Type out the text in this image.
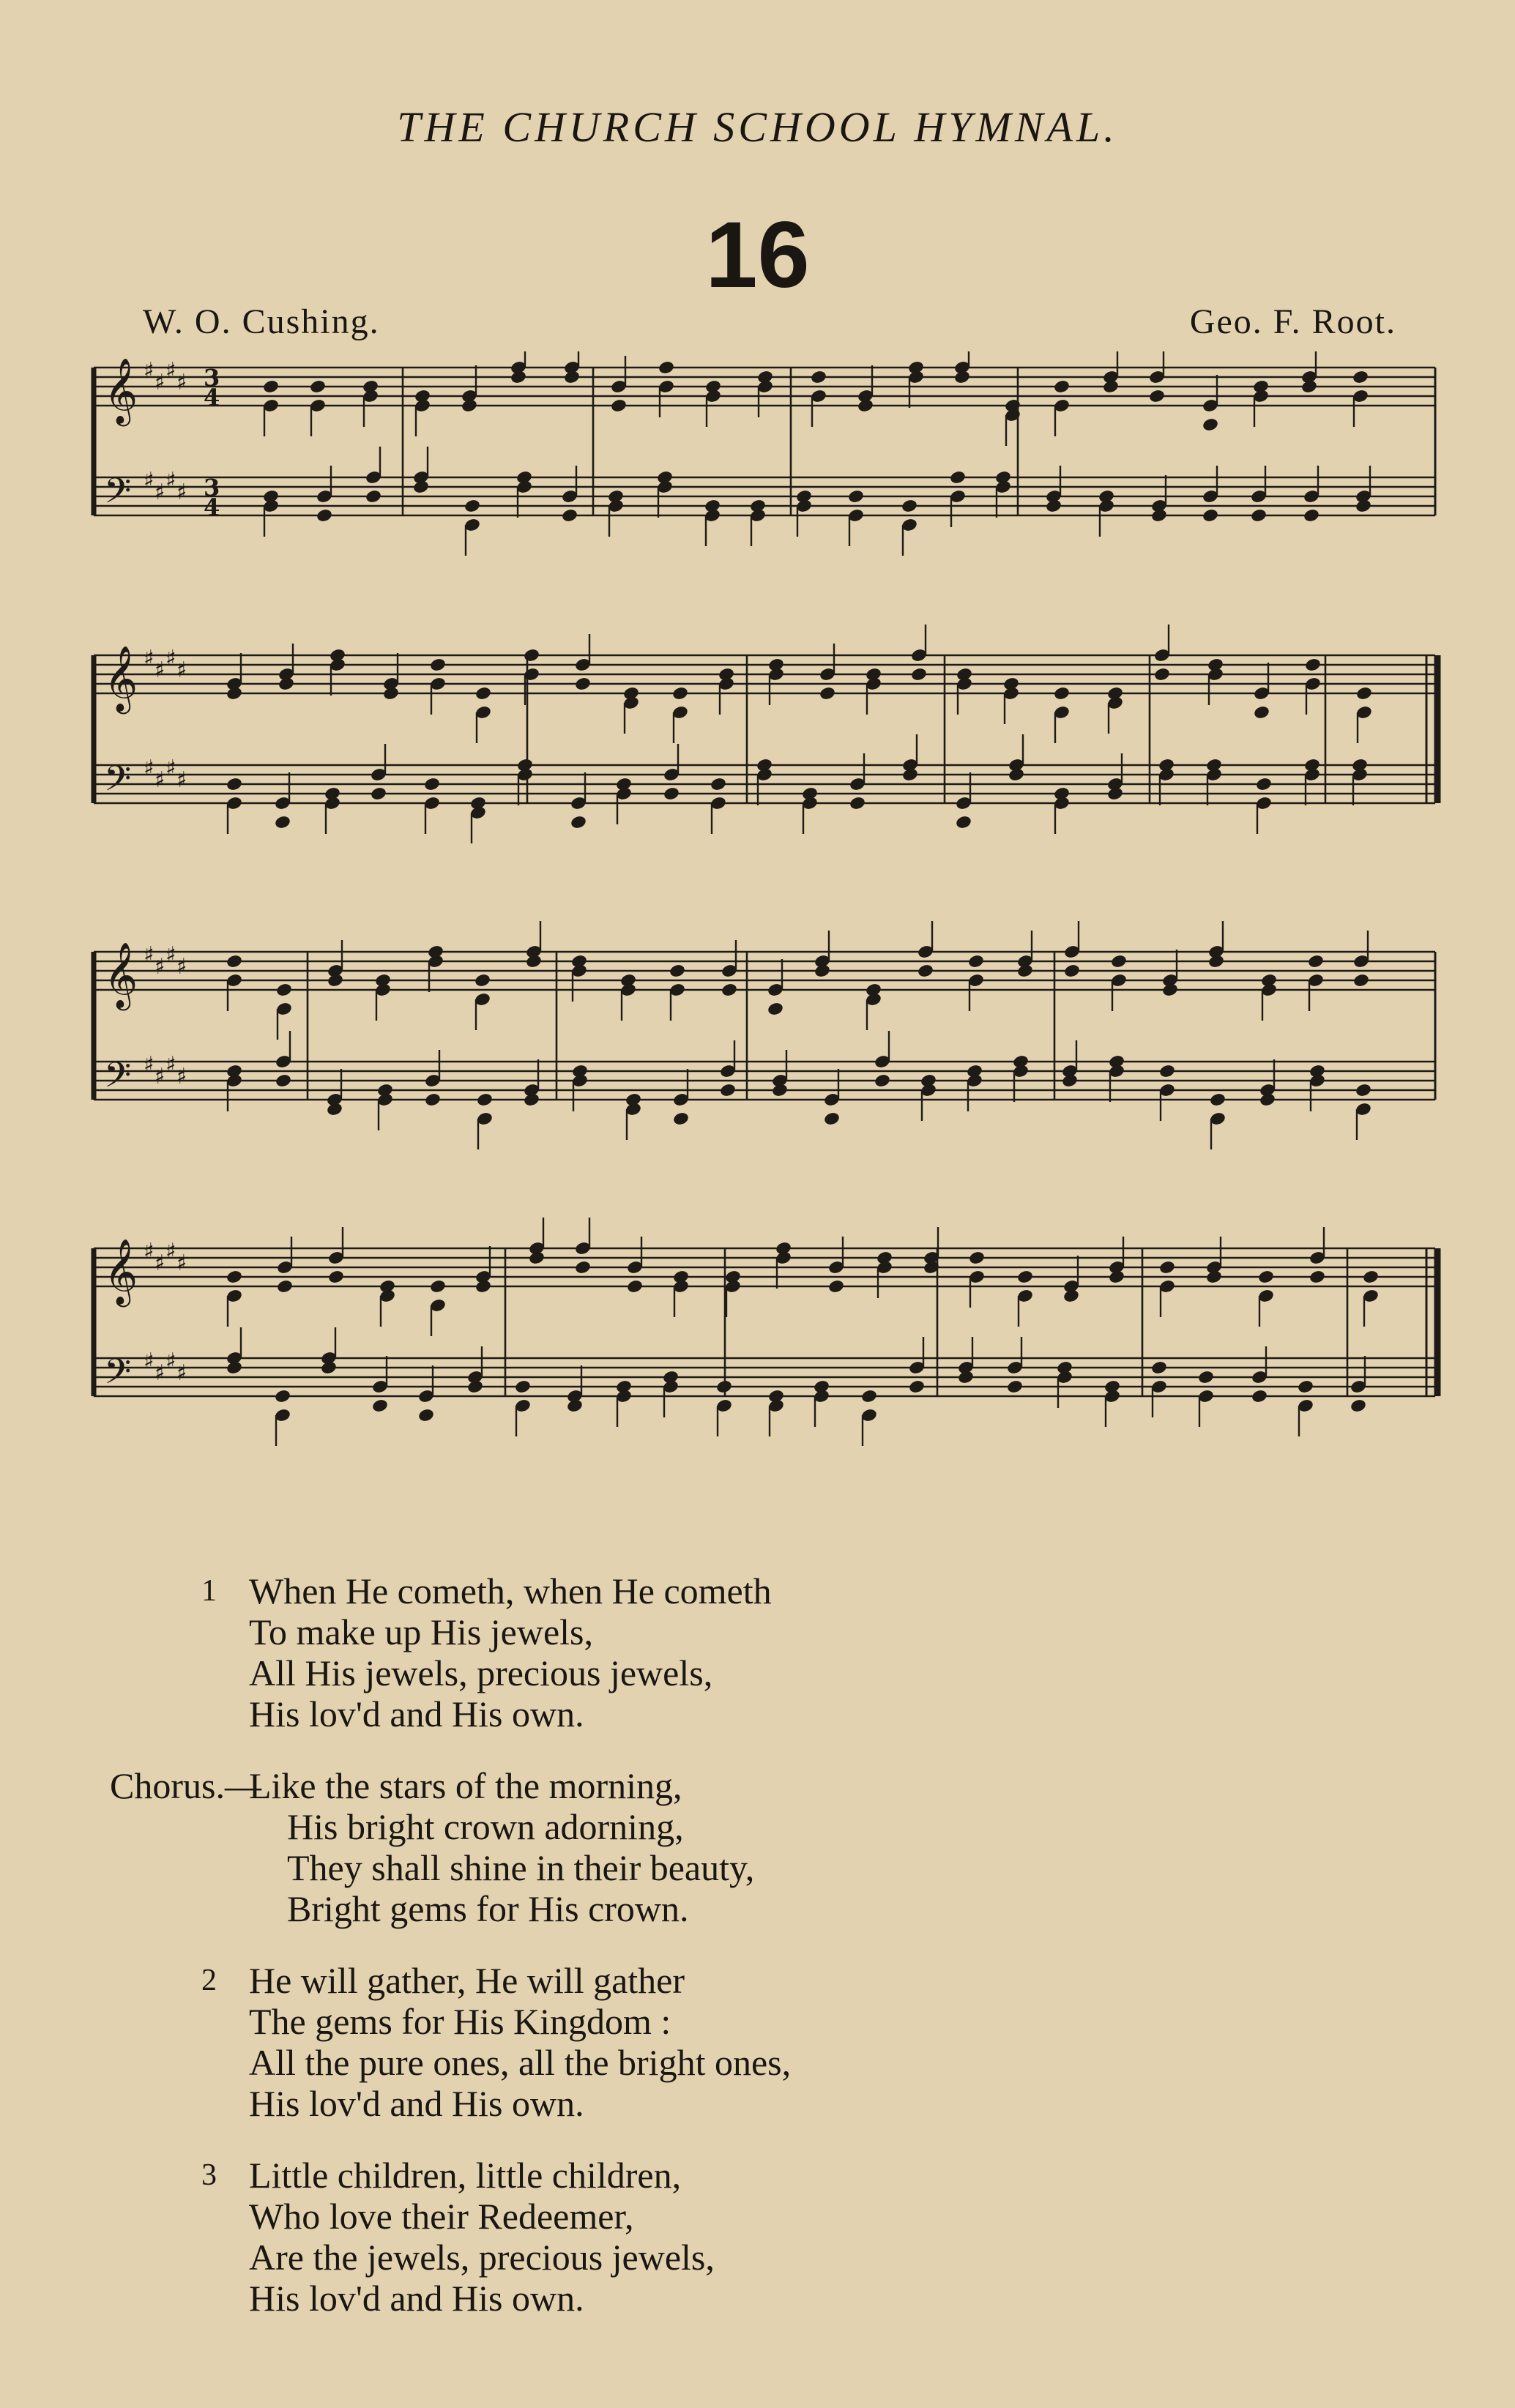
THE CHURCH SCHOOL HYMNAL.
16
W. O. Cushing.	Geo. F. Root.
𝄞 ♯ ♯ ♯ ♯ 3
4
𝄢 ♯ ♯ ♯ ♯ 3
4
𝄞 ♯ ♯ ♯ ♯
𝄢 ♯ ♯ ♯ ♯
𝄞 ♯ ♯ ♯ ♯
𝄢 ♯ ♯ ♯ ♯
𝄞 ♯ ♯ ♯ ♯
𝄢 ♯ ♯ ♯ ♯
1 When He cometh, when He cometh
To make up His jewels,
All His jewels, precious jewels,
His lov'd and His own.
Chorus.—
Like the stars of the morning,
His bright crown adorning,
They shall shine in their beauty,
Bright gems for His crown.
2 He will gather, He will gather
The gems for His Kingdom :
All the pure ones, all the bright ones,
His lov'd and His own.
3 Little children, little children,
Who love their Redeemer,
Are the jewels, precious jewels,
His lov'd and His own.
